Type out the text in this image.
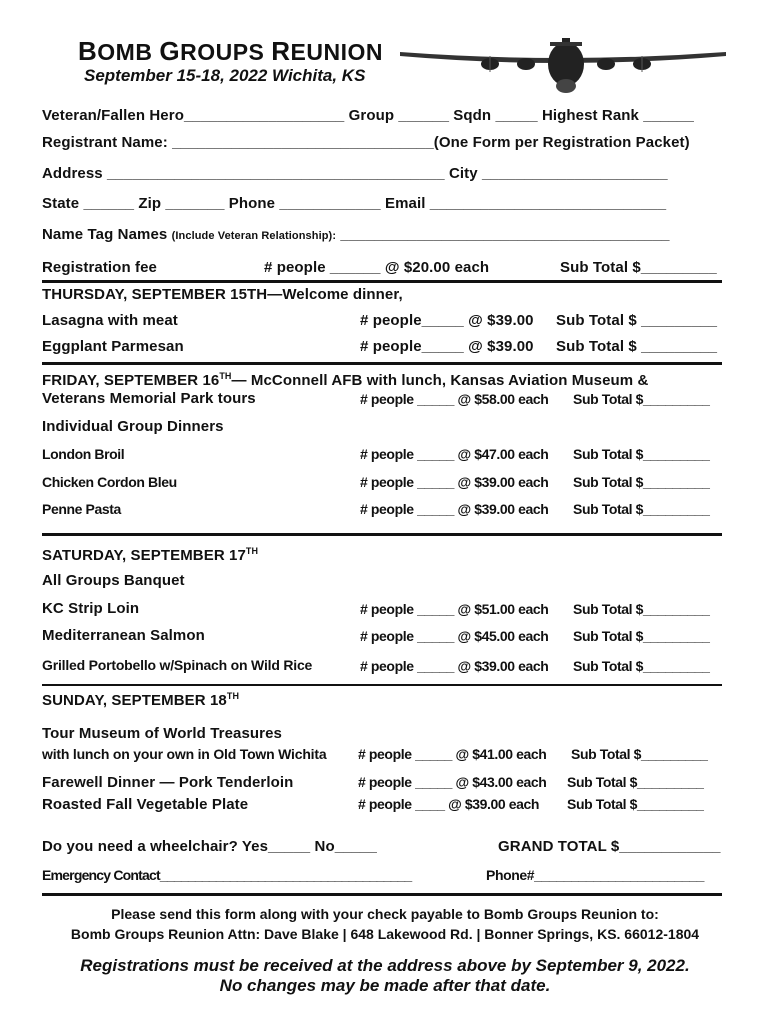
BOMB GROUPS REUNION
September 15-18, 2022 Wichita, KS
Veteran/Fallen Hero___________________ Group ______ Sqdn _____ Highest Rank ______
Registrant Name: _______________________________(One Form per Registration Packet)
Address ________________________________________ City ______________________
State ______ Zip _______ Phone ____________ Email ____________________________
Name Tag Names (Include Veteran Relationship): _______________________________________
Registration fee	# people ______ @ $20.00 each	Sub Total $_________
THURSDAY, SEPTEMBER 15TH—Welcome dinner,
Lasagna with meat	# people_____ @ $39.00 Sub Total $ _________
Eggplant Parmesan	# people_____ @ $39.00 Sub Total $ _________
FRIDAY, SEPTEMBER 16TH— McConnell AFB with lunch, Kansas Aviation Museum &
Veterans Memorial Park tours	# people _____ @ $58.00 each Sub Total $_________
Individual Group Dinners
London Broil	# people _____ @ $47.00 each Sub Total $_________
Chicken Cordon Bleu	# people _____ @ $39.00 each Sub Total $_________
Penne Pasta	# people _____ @ $39.00 each Sub Total $_________
SATURDAY, SEPTEMBER 17TH
All Groups Banquet
KC Strip Loin	# people _____ @ $51.00 each Sub Total $_________
Mediterranean Salmon	# people _____ @ $45.00 each Sub Total $_________
Grilled Portobello w/Spinach on Wild Rice	# people _____ @ $39.00 each Sub Total $_________
SUNDAY, SEPTEMBER 18TH
Tour Museum of World Treasures
with lunch on your own in Old Town Wichita # people _____ @ $41.00 each Sub Total $_________
Farewell Dinner — Pork Tenderloin	# people _____ @ $43.00 each Sub Total $_________
Roasted Fall Vegetable Plate	# people ____ @ $39.00 each Sub Total $_________
Do you need a wheelchair? Yes_____ No_____	GRAND TOTAL $____________
Emergency Contact____________________________________	Phone#_______________________
Please send this form along with your check payable to Bomb Groups Reunion to:
Bomb Groups Reunion Attn: Dave Blake | 648 Lakewood Rd. | Bonner Springs, KS. 66012-1804
Registrations must be received at the address above by September 9, 2022.
No changes may be made after that date.
